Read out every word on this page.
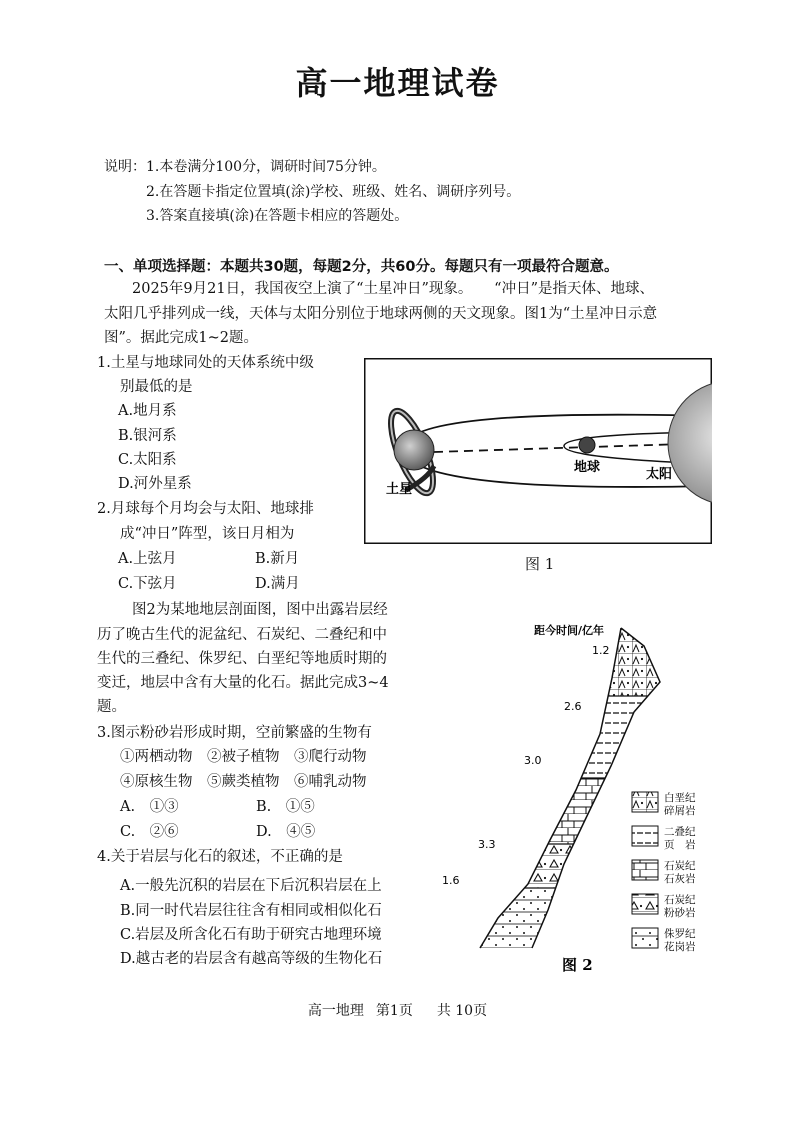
高一地理试卷
说明：1.本卷满分100分，调研时间75分钟。
2.在答题卡指定位置填(涂)学校、班级、姓名、调研序列号。
3.答案直接填(涂)在答题卡相应的答题处。
一、单项选择题：本题共30题，每题2分，共60分。每题只有一项最符合题意。
2025年9月21日，我国夜空上演了“土星冲日”现象。　　“冲日”是指天体、地球、
太阳几乎排列成一线，天体与太阳分别位于地球两侧的天文现象。图1为“土星冲日示意
图”。据此完成1~2题。
1.土星与地球同处的天体系统中级
别最低的是
A.地月系
B.银河系
C.太阳系
D.河外星系
2.月球每个月均会与太阳、地球排
成“冲日”阵型，该日月相为
A.上弦月	B.新月
C.下弦月	D.满月
图2为某地地层剖面图，图中出露岩层经
历了晚古生代的泥盆纪、石炭纪、二叠纪和中
生代的三叠纪、侏罗纪、白垩纪等地质时期的
变迁，地层中含有大量的化石。据此完成3~4
题。
3.图示粉砂岩形成时期，空前繁盛的生物有
①两栖动物　②被子植物　③爬行动物
④原核生物　⑤蕨类植物　⑥哺乳动物
A.　①③	B.　①⑤
C.　②⑥	D.　④⑤
4.关于岩层与化石的叙述，不正确的是
A.一般先沉积的岩层在下后沉积岩层在上
B.同一时代岩层往往含有相同或相似化石
C.岩层及所含化石有助于研究古地理环境
D.越古老的岩层含有越高等级的生物化石
土星
地球	太阳
图 1
距今时间/亿年
1.2
2.6
3.0
3.3
1.6
白垩纪
碎屑岩
二叠纪
页　岩
石炭纪
石灰岩
石炭纪
粉砂岩
侏罗纪
花岗岩
图 2
高一地理 第1页 共 10页
